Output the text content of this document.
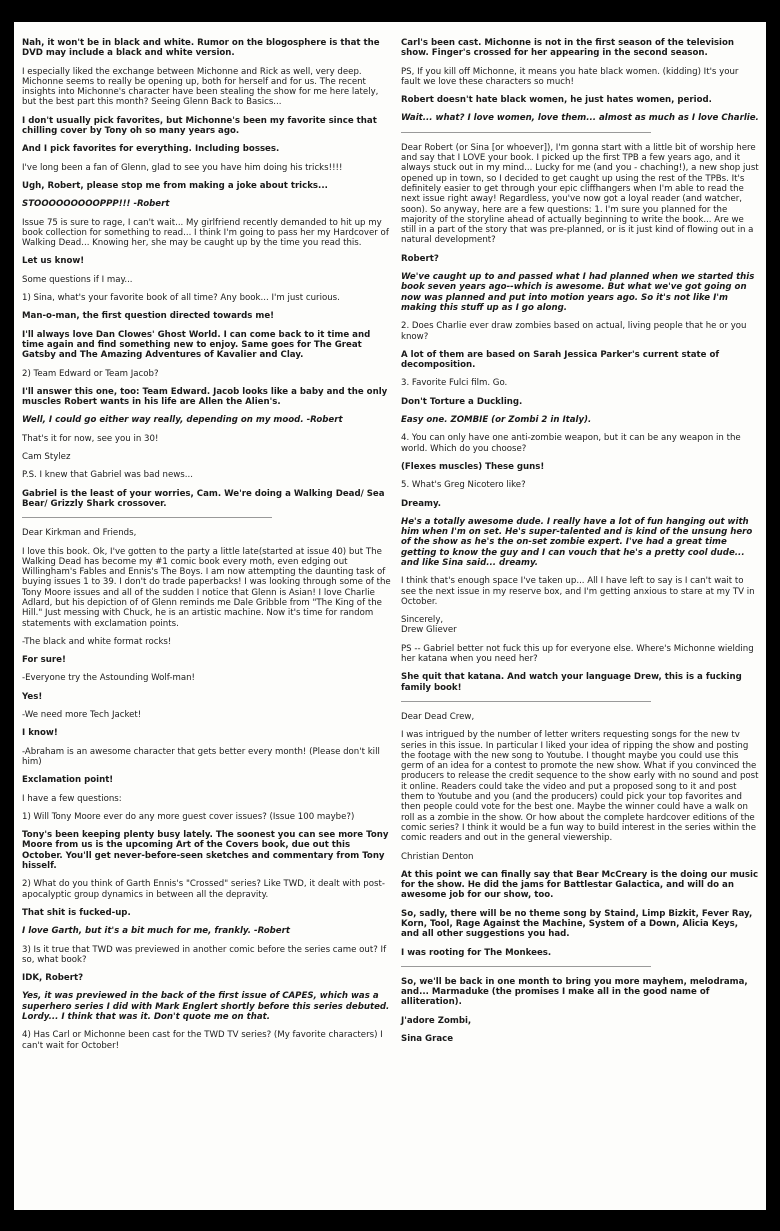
Nah, it won't be in black and white. Rumor on the blogosphere is that the DVD may include a black and white version.

I especially liked the exchange between Michonne and Rick as well, very deep. Michonne seems to really be opening up, both for herself and for us. The recent insights into Michonne's character have been stealing the show for me here lately, but the best part this month? Seeing Glenn Back to Basics...

I don't usually pick favorites, but Michonne's been my favorite since that chilling cover by Tony oh so many years ago.

And I pick favorites for everything. Including bosses.

I've long been a fan of Glenn, glad to see you have him doing his tricks!!!!

Ugh, Robert, please stop me from making a joke about tricks...

STOOOOOOOOOPPP!!! -Robert

Issue 75 is sure to rage, I can't wait... My girlfriend recently demanded to hit up my book collection for something to read... I think I'm going to pass her my Hardcover of Walking Dead... Knowing her, she may be caught up by the time you read this.

Let us know!

Some questions if I may...

1) Sina, what's your favorite book of all time? Any book... I'm just curious.

Man-o-man, the first question directed towards me!

I'll always love Dan Clowes' Ghost World. I can come back to it time and time again and find something new to enjoy. Same goes for The Great Gatsby and The Amazing Adventures of Kavalier and Clay.

2) Team Edward or Team Jacob?

I'll answer this one, too: Team Edward. Jacob looks like a baby and the only muscles Robert wants in his life are Allen the Alien's.

Well, I could go either way really, depending on my mood. -Robert

That's it for now, see you in 30!

Cam Stylez

P.S. I knew that Gabriel was bad news...

Gabriel is the least of your worries, Cam. We're doing a Walking Dead/ Sea Bear/ Grizzly Shark crossover.

Dear Kirkman and Friends,

I love this book. Ok, I've gotten to the party a little late(started at issue 40) but The Walking Dead has become my #1 comic book every moth, even edging out Willingham's Fables and Ennis's The Boys. I am now attempting the daunting task of buying issues 1 to 39. I don't do trade paperbacks! I was looking through some of the Tony Moore issues and all of the sudden I notice that Glenn is Asian! I love Charlie Adlard, but his depiction of of Glenn reminds me Dale Gribble from "The King of the Hill." Just messing with Chuck, he is an artistic machine. Now it's time for random statements with exclamation points.

-The black and white format rocks!

For sure!

-Everyone try the Astounding Wolf-man!

Yes!

-We need more Tech Jacket!

I know!

-Abraham is an awesome character that gets better every month! (Please don't kill him)

Exclamation point!

I have a few questions:

1) Will Tony Moore ever do any more guest cover issues? (Issue 100 maybe?)

Tony's been keeping plenty busy lately. The soonest you can see more Tony Moore from us is the upcoming Art of the Covers book, due out this October. You'll get never-before-seen sketches and commentary from Tony hisself.

2) What do you think of Garth Ennis's "Crossed" series? Like TWD, it dealt with post-apocalyptic group dynamics in between all the depravity.

That shit is fucked-up.

I love Garth, but it's a bit much for me, frankly. -Robert

3) Is it true that TWD was previewed in another comic before the series came out? If so, what book?

IDK, Robert?

Yes, it was previewed in the back of the first issue of CAPES, which was a superhero series I did with Mark Englert shortly before this series debuted. Lordy... I think that was it. Don't quote me on that.

4) Has Carl or Michonne been cast for the TWD TV series? (My favorite characters) I can't wait for October!

Carl's been cast. Michonne is not in the first season of the television show. Finger's crossed for her appearing in the second season.

PS, If you kill off Michonne, it means you hate black women. (kidding) It's your fault we love these characters so much!

Robert doesn't hate black women, he just hates women, period.

Wait... what? I love women, love them... almost as much as I love Charlie.

Dear Robert (or Sina [or whoever]), I'm gonna start with a little bit of worship here and say that I LOVE your book. I picked up the first TPB a few years ago, and it always stuck out in my mind... Lucky for me (and you - chaching!), a new shop just opened up in town, so I decided to get caught up using the rest of the TPBs. It's definitely easier to get through your epic cliffhangers when I'm able to read the next issue right away! Regardless, you've now got a loyal reader (and watcher, soon). So anyway, here are a few questions: 1. I'm sure you planned for the majority of the storyline ahead of actually beginning to write the book... Are we still in a part of the story that was pre-planned, or is it just kind of flowing out in a natural development?

Robert?

We've caught up to and passed what I had planned when we started this book seven years ago--which is awesome. But what we've got going on now was planned and put into motion years ago. So it's not like I'm making this stuff up as I go along.

2. Does Charlie ever draw zombies based on actual, living people that he or you know?

A lot of them are based on Sarah Jessica Parker's current state of decomposition.

3. Favorite Fulci film. Go.

Don't Torture a Duckling.

Easy one. ZOMBIE (or Zombi 2 in Italy).

4. You can only have one anti-zombie weapon, but it can be any weapon in the world. Which do you choose?

(Flexes muscles) These guns!

5. What's Greg Nicotero like?

Dreamy.

He's a totally awesome dude. I really have a lot of fun hanging out with him when I'm on set. He's super-talented and is kind of the unsung hero of the show as he's the on-set zombie expert. I've had a great time getting to know the guy and I can vouch that he's a pretty cool dude... and like Sina said... dreamy.

I think that's enough space I've taken up... All I have left to say is I can't wait to see the next issue in my reserve box, and I'm getting anxious to stare at my TV in October.

Sincerely,
Drew Gliever

PS -- Gabriel better not fuck this up for everyone else. Where's Michonne wielding her katana when you need her?

She quit that katana. And watch your language Drew, this is a fucking family book!

Dear Dead Crew,

I was intrigued by the number of letter writers requesting songs for the new tv series in this issue. In particular I liked your idea of ripping the show and posting the footage with the new song to Youtube. I thought maybe you could use this germ of an idea for a contest to promote the new show. What if you convinced the producers to release the credit sequence to the show early with no sound and post it online. Readers could take the video and put a proposed song to it and post them to Youtube and you (and the producers) could pick your top favorites and then people could vote for the best one. Maybe the winner could have a walk on roll as a zombie in the show. Or how about the complete hardcover editions of the comic series? I think it would be a fun way to build interest in the series within the comic readers and out in the general viewership.

Christian Denton

At this point we can finally say that Bear McCreary is the doing our music for the show. He did the jams for Battlestar Galactica, and will do an awesome job for our show, too.

So, sadly, there will be no theme song by Staind, Limp Bizkit, Fever Ray, Korn, Tool, Rage Against the Machine, System of a Down, Alicia Keys, and all other suggestions you had.

I was rooting for The Monkees.

So, we'll be back in one month to bring you more mayhem, melodrama, and... Marmaduke (the promises I make all in the good name of alliteration).

J'adore Zombi,

Sina Grace
